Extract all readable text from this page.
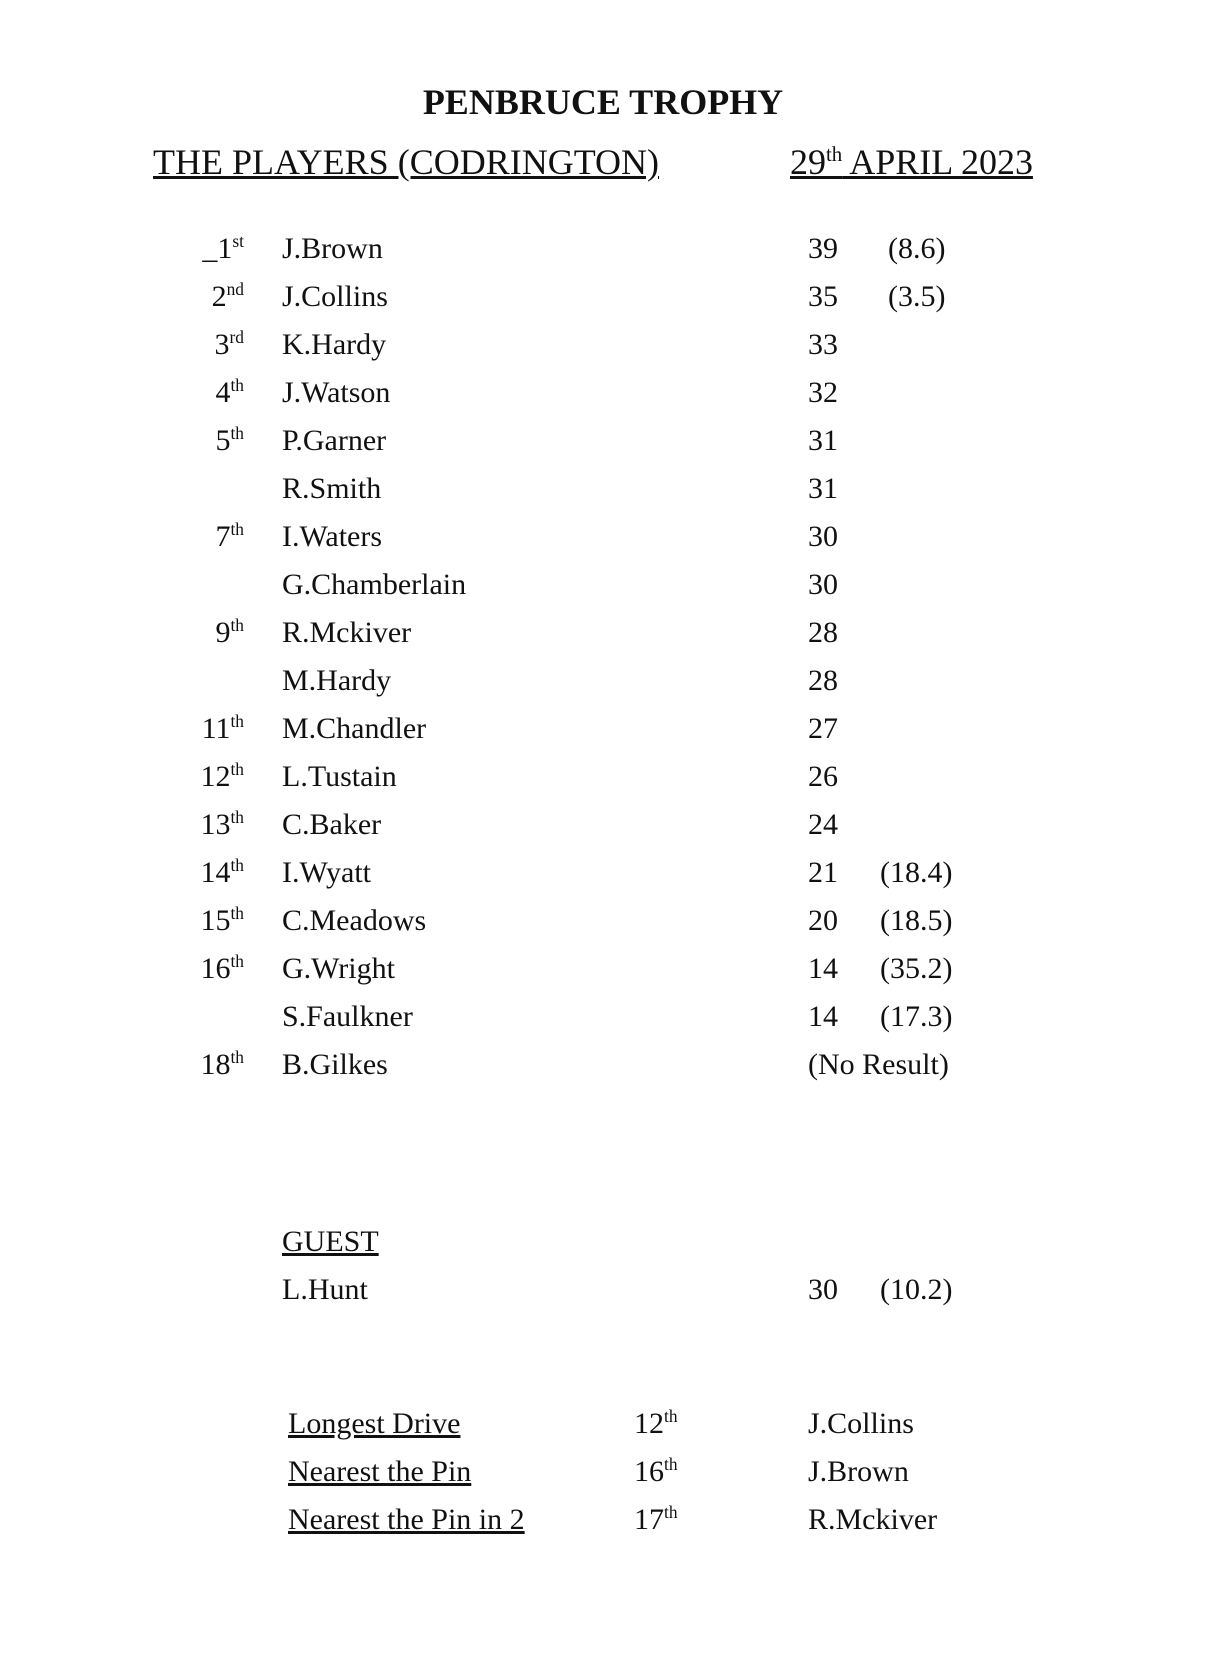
PENBRUCE TROPHY
THE PLAYERS (CODRINGTON)	29th APRIL 2023
_1st J.Brown	39 (8.6)
2nd J.Collins	35 (3.5)
3rd K.Hardy	33
4th J.Watson	32
5th P.Garner	31
R.Smith	31
7th I.Waters	30
G.Chamberlain	30
9th R.Mckiver	28
M.Hardy	28
11th M.Chandler	27
12th L.Tustain	26
13th C.Baker	24
14th I.Wyatt	21 (18.4)
15th C.Meadows	20 (18.5)
16th G.Wright	14 (35.2)
S.Faulkner	14 (17.3)
18th B.Gilkes	(No Result)
GUEST
L.Hunt	30 (10.2)
Longest Drive	12th	J.Collins
Nearest the Pin	16th	J.Brown
Nearest the Pin in 2	17th	R.Mckiver
